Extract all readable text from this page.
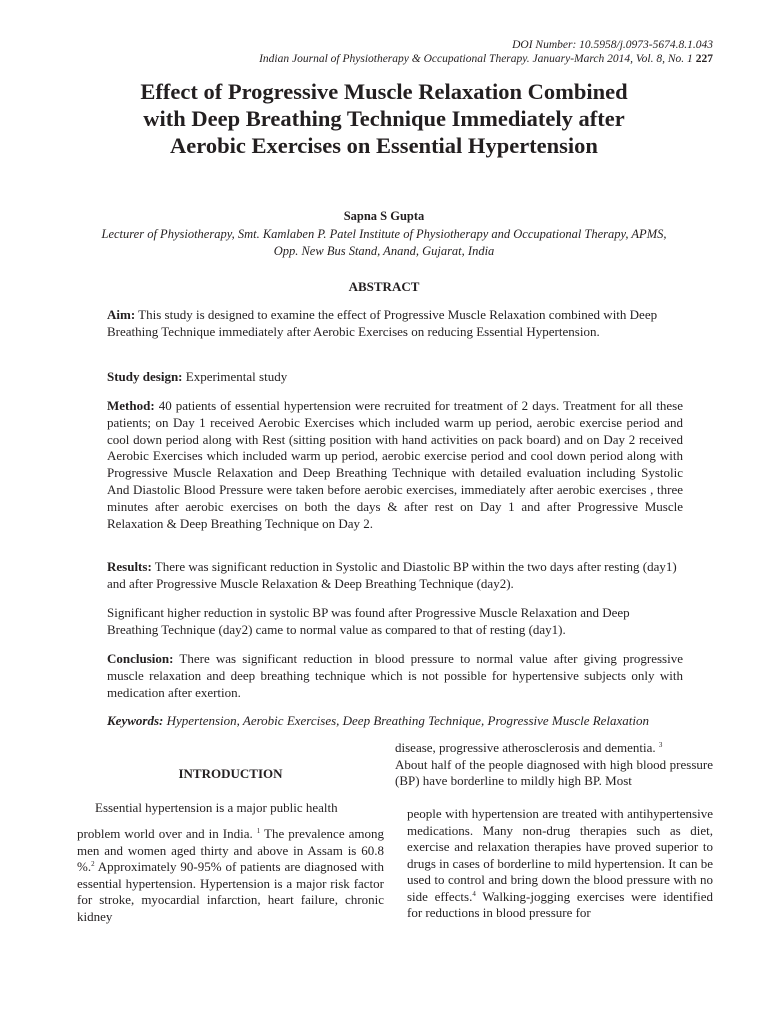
DOI Number: 10.5958/j.0973-5674.8.1.043
Indian Journal of Physiotherapy & Occupational Therapy. January-March 2014, Vol. 8, No. 1 227
Effect of Progressive Muscle Relaxation Combined
with Deep Breathing Technique Immediately after
Aerobic Exercises on Essential Hypertension
Sapna S Gupta
Lecturer of Physiotherapy, Smt. Kamlaben P. Patel Institute of Physiotherapy and Occupational Therapy, APMS,
Opp. New Bus Stand, Anand, Gujarat, India
ABSTRACT
Aim: This study is designed to examine the effect of Progressive Muscle Relaxation combined with Deep Breathing Technique immediately after Aerobic Exercises on reducing Essential Hypertension.
Study design: Experimental study
Method: 40 patients of essential hypertension were recruited for treatment of 2 days. Treatment for all these patients; on Day 1 received Aerobic Exercises which included warm up period, aerobic exercise period and cool down period along with Rest (sitting position with hand activities on pack board) and on Day 2 received Aerobic Exercises which included warm up period, aerobic exercise period and cool down period along with Progressive Muscle Relaxation and Deep Breathing Technique with detailed evaluation including Systolic And Diastolic Blood Pressure were taken before aerobic exercises, immediately after aerobic exercises , three minutes after aerobic exercises on both the days & after rest on Day 1 and after Progressive Muscle Relaxation & Deep Breathing Technique on Day 2.
Results: There was significant reduction in Systolic and Diastolic BP within the two days after resting (day1) and after Progressive Muscle Relaxation & Deep Breathing Technique (day2).
Significant higher reduction in systolic BP was found after Progressive Muscle Relaxation and Deep Breathing Technique (day2) came to normal value as compared to that of resting (day1).
Conclusion: There was significant reduction in blood pressure to normal value after giving progressive muscle relaxation and deep breathing technique which is not possible for hypertensive subjects only with medication after exertion.
Keywords: Hypertension, Aerobic Exercises, Deep Breathing Technique, Progressive Muscle Relaxation
INTRODUCTION
Essential hypertension is a major public health
problem world over and in India. $^1$ The prevalence among men and women aged thirty and above in Assam is 60.8 %.$^2$ Approximately 90-95% of patients are diagnosed with essential hypertension. Hypertension is a major risk factor for stroke, myocardial infarction, heart failure, chronic kidney
disease, progressive atherosclerosis and dementia. $^3$
About half of the people diagnosed with high blood pressure (BP) have borderline to mildly high BP. Most
people with hypertension are treated with antihypertensive medications. Many non-drug therapies such as diet, exercise and relaxation therapies have proved superior to drugs in cases of borderline to mild hypertension. It can be used to control and bring down the blood pressure with no side effects.$^4$ Walking-jogging exercises were identified for reductions in blood pressure for
